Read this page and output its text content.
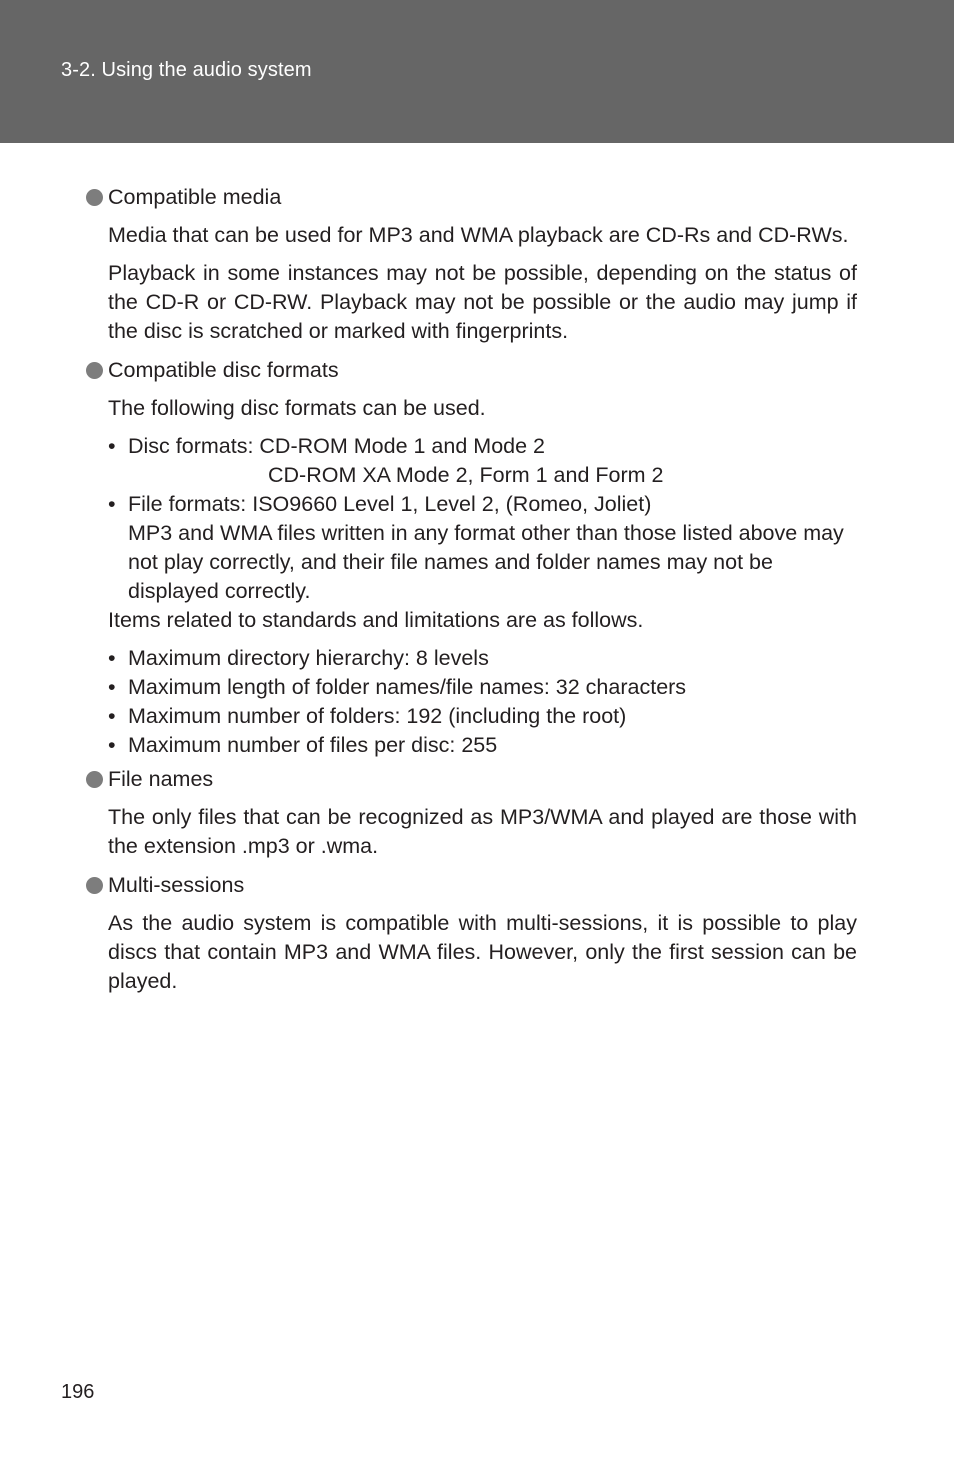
3-2. Using the audio system
Compatible media
Media that can be used for MP3 and WMA playback are CD-Rs and CD-RWs.
Playback in some instances may not be possible, depending on the status of the CD-R or CD-RW. Playback may not be possible or the audio may jump if the disc is scratched or marked with fingerprints.
Compatible disc formats
The following disc formats can be used.
• Disc formats: CD-ROM Mode 1 and Mode 2
CD-ROM XA Mode 2, Form 1 and Form 2
• File formats: ISO9660 Level 1, Level 2, (Romeo, Joliet)
MP3 and WMA files written in any format other than those listed above may not play correctly, and their file names and folder names may not be displayed correctly.
Items related to standards and limitations are as follows.
• Maximum directory hierarchy: 8 levels
• Maximum length of folder names/file names: 32 characters
• Maximum number of folders: 192 (including the root)
• Maximum number of files per disc: 255
File names
The only files that can be recognized as MP3/WMA and played are those with the extension .mp3 or .wma.
Multi-sessions
As the audio system is compatible with multi-sessions, it is possible to play discs that contain MP3 and WMA files. However, only the first session can be played.
196
